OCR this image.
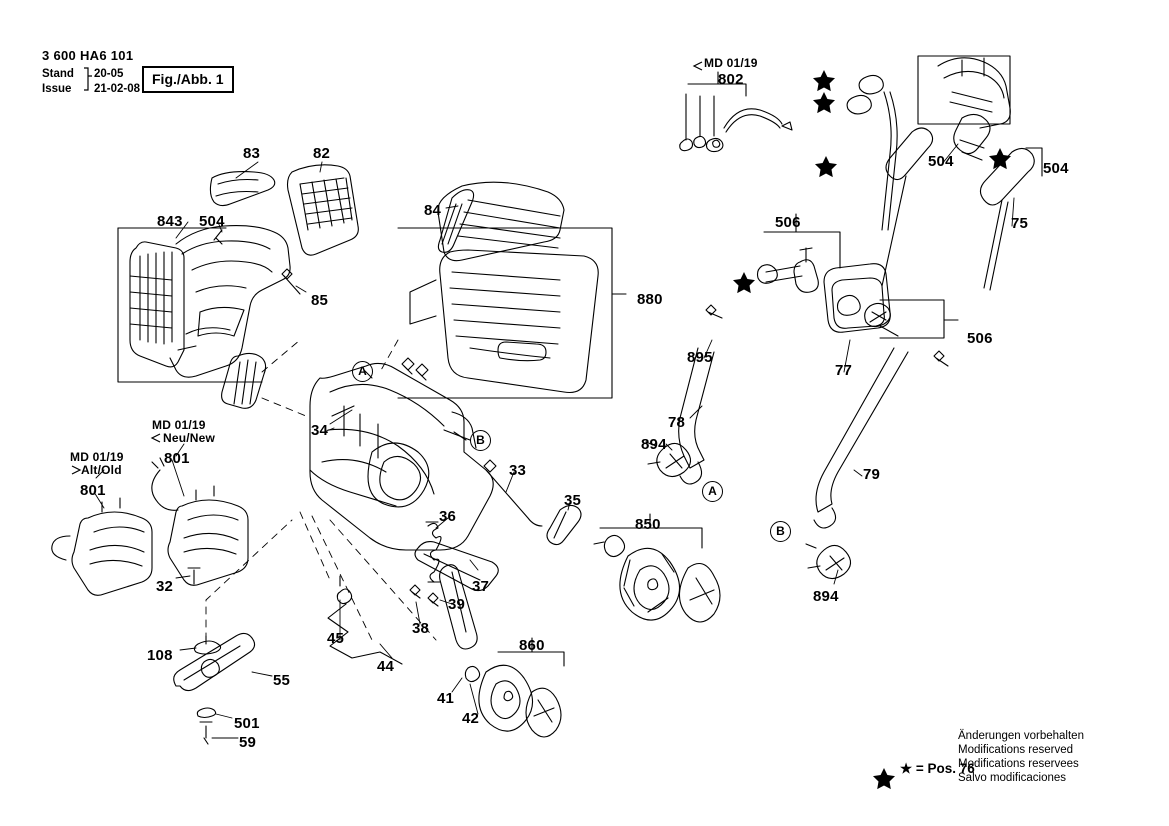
3 600 HA6 101
Stand
Issue
20-05
21-02-08
Fig./Abb. 1
83	82
843 504
85
84
880
802
504	504
75
506
506
895
77
78
79
894
894
850
860
34
33
35
36
37
39
38
45
44
41
42
108
55
501
59
801
801
32
MD 01/19
Neu/New
MD 01/19
Alt/Old
MD 01/19
A
B
A
B
★ = Pos. 76
Änderungen vorbehalten
Modifications reserved
Modifications reservees
Salvo modificaciones
